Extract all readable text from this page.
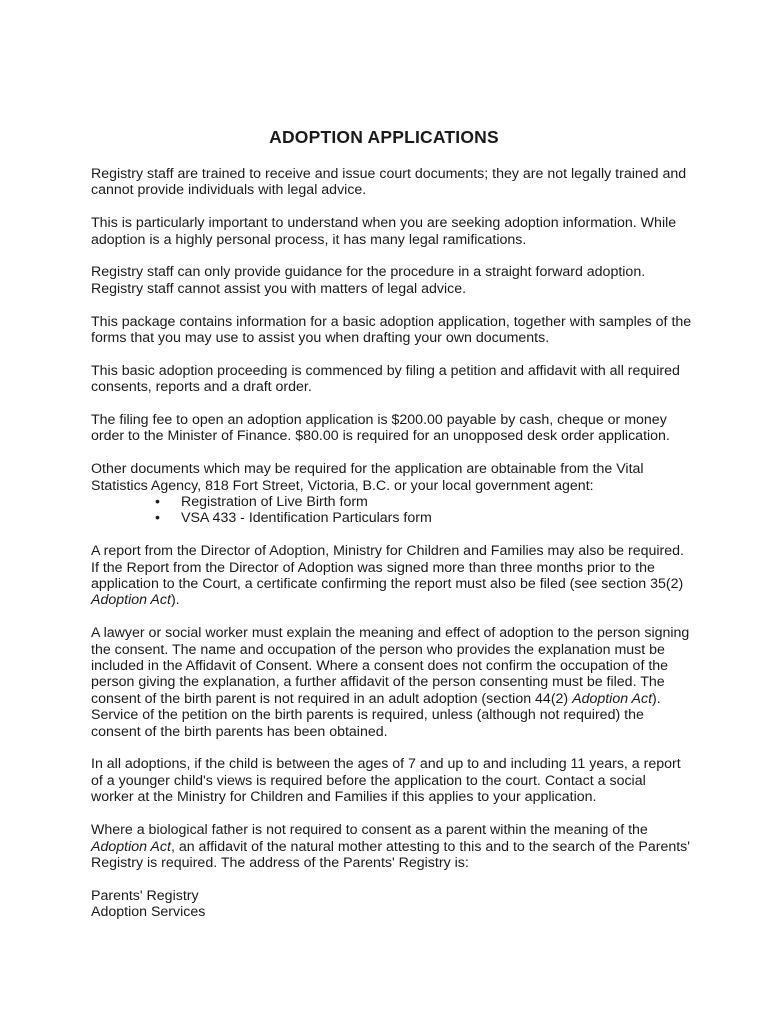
ADOPTION APPLICATIONS

Registry staff are trained to receive and issue court documents; they are not legally trained and
cannot provide individuals with legal advice.

This is particularly important to understand when you are seeking adoption information. While
adoption is a highly personal process, it has many legal ramifications.

Registry staff can only provide guidance for the procedure in a straight forward adoption.
Registry staff cannot assist you with matters of legal advice.

This package contains information for a basic adoption application, together with samples of the
forms that you may use to assist you when drafting your own documents.

This basic adoption proceeding is commenced by filing a petition and affidavit with all required
consents, reports and a draft order.

The filing fee to open an adoption application is $200.00 payable by cash, cheque or money
order to the Minister of Finance. $80.00 is required for an unopposed desk order application.

Other documents which may be required for the application are obtainable from the Vital
Statistics Agency, 818 Fort Street, Victoria, B.C. or your local government agent:
• Registration of Live Birth form
• VSA 433 - Identification Particulars form

A report from the Director of Adoption, Ministry for Children and Families may also be required.
If the Report from the Director of Adoption was signed more than three months prior to the
application to the Court, a certificate confirming the report must also be filed (see section 35(2)
Adoption Act).

A lawyer or social worker must explain the meaning and effect of adoption to the person signing
the consent. The name and occupation of the person who provides the explanation must be
included in the Affidavit of Consent. Where a consent does not confirm the occupation of the
person giving the explanation, a further affidavit of the person consenting must be filed. The
consent of the birth parent is not required in an adult adoption (section 44(2) Adoption Act).
Service of the petition on the birth parents is required, unless (although not required) the
consent of the birth parents has been obtained.

In all adoptions, if the child is between the ages of 7 and up to and including 11 years, a report
of a younger child's views is required before the application to the court. Contact a social
worker at the Ministry for Children and Families if this applies to your application.

Where a biological father is not required to consent as a parent within the meaning of the
Adoption Act, an affidavit of the natural mother attesting to this and to the search of the Parents'
Registry is required. The address of the Parents' Registry is:

Parents' Registry
Adoption Services
